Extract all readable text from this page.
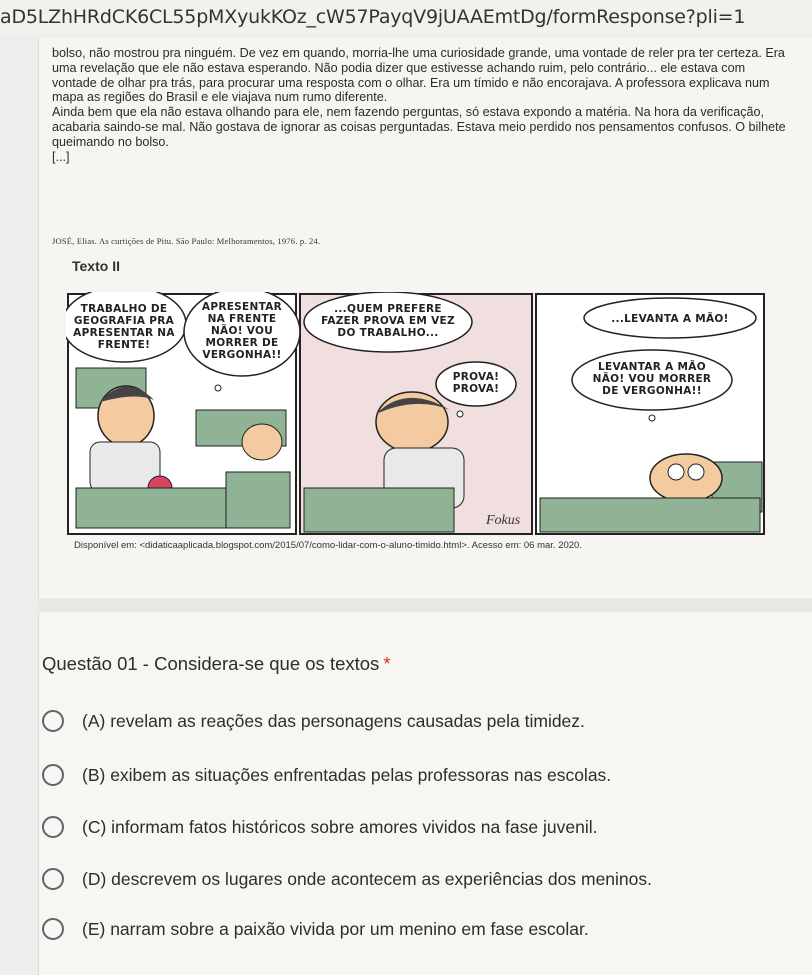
aD5LZhHRdCK6CL55pMXyukKOz_cW57PayqV9jUAAEmtDg/formResponse?pli=1

bolso, não mostrou pra ninguém. De vez em quando, morria-lhe uma curiosidade grande, uma vontade de reler pra ter certeza. Era uma revelação que ele não estava esperando. Não podia dizer que estivesse achando ruim, pelo contrário... ele estava com vontade de olhar pra trás, para procurar uma resposta com o olhar. Era um tímido e não encorajava. A professora explicava num mapa as regiões do Brasil e ele viajava num rumo diferente.

Ainda bem que ela não estava olhando para ele, nem fazendo perguntas, só estava expondo a matéria. Na hora da verificação, acabaria saindo-se mal. Não gostava de ignorar as coisas perguntadas. Estava meio perdido nos pensamentos confusos. O bilhete queimando no bolso.

[...]

JOSÉ, Elias. As curtições de Pitu. São Paulo: Melhoramentos, 1976. p. 24.
Texto II
TRABALHO DE
GEOGRAFIA PRA
APRESENTAR NA
FRENTE!
APRESENTAR
NA FRENTE
NÃO! VOU
MORRER DE
VERGONHA!!
...QUEM PREFERE
FAZER PROVA EM VEZ
DO TRABALHO...
PROVA!
PROVA!
Fokus
...LEVANTA A MÃO!
LEVANTAR A MÃO
NÃO! VOU MORRER
DE VERGONHA!!
Disponível em: <didaticaaplicada.blogspot.com/2015/07/como-lidar-com-o-aluno-timido.html>. Acesso em: 06 mar. 2020.
Questão 01 - Considera-se que os textos *
(A) revelam as reações das personagens causadas pela timidez.
(B) exibem as situações enfrentadas pelas professoras nas escolas.
(C) informam fatos históricos sobre amores vividos na fase juvenil.
(D) descrevem os lugares onde acontecem as experiências dos meninos.
(E) narram sobre a paixão vivida por um menino em fase escolar.
